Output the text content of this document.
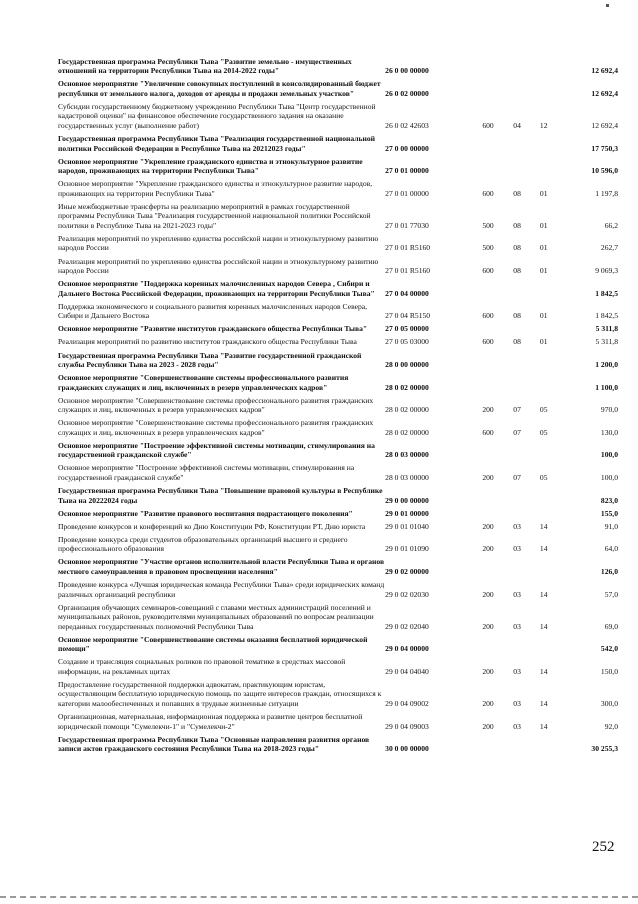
Государственная программа Республики Тыва "Развитие земельно - имущественных отношений на территории Республики Тыва на 2014-2022 годы"	26 0 00 00000				12 692,4
Основное мероприятие "Увеличение совокупных поступлений в консолидированный бюджет республики от земельного налога, доходов от аренды и продажи земельных участков"	26 0 02 00000				12 692,4
Субсидии государственному бюджетному учреждению Республики Тыва "Центр государственной кадастровой оценки" на финансовое обеспечение государственного задания на оказание государственных услуг (выполнение работ)	26 0 02 42603	600	04	12	12 692,4
Государственная программа Республики Тыва "Реализация государственной национальной политики Российской Федерации в Республике Тыва на 20212023 годы"	27 0 00 00000				17 750,3
Основное мероприятие "Укрепление гражданского единства и этнокультурное развитие народов, проживающих на территории Республики Тыва"	27 0 01 00000				10 596,0
Основное мероприятие "Укрепление гражданского единства и этнокультурное развитие народов, проживающих на территории Республики Тыва"	27 0 01 00000	600	08	01	1 197,8
Иные межбюджетные трансферты на реализацию мероприятий в рамках государственной программы Республики Тыва "Реализация государственной национальной политики Российской политики в Республике Тыва на 2021-2023 годы"	27 0 01 77030	500	08	01	66,2
Реализация мероприятий по укреплению единства российской нации и этнокультурному развитию народов России	27 0 01 R5160	500	08	01	262,7
Реализация мероприятий по укреплению единства российской нации и этнокультурному развитию народов России	27 0 01 R5160	600	08	01	9 069,3
Основное мероприятие "Поддержка коренных малочисленных народов Севера , Сибири и Дальнего Востока Российской Федерации, проживающих на территории Республики Тыва"	27 0 04 00000				1 842,5
Поддержка экономического и социального развития коренных малочисленных народов Севера, Сибири и Дальнего Востока	27 0 04 R5150	600	08	01	1 842,5
Основное мероприятие "Развитие институтов гражданского общества Республики Тыва"	27 0 05 00000				5 311,8
Реализация мероприятий по развитию институтов гражданского общества Республики Тыва	27 0 05 03000	600	08	01	5 311,8
Государственная программа Республики Тыва "Развитие государственной гражданской службы Республики Тыва на 2023 - 2028 годы"	28 0 00 00000				1 200,0
Основное мероприятие "Совершенствование системы профессионального развития гражданских служащих и лиц, включенных в резерв управленческих кадров"	28 0 02 00000				1 100,0
Основное мероприятие "Совершенствование системы профессионального развития гражданских служащих и лиц, включенных в резерв управленческих кадров"	28 0 02 00000	200	07	05	970,0
Основное мероприятие "Совершенствование системы профессионального развития гражданских служащих и лиц, включенных в резерв управленческих кадров"	28 0 02 00000	600	07	05	130,0
Основное мероприятие "Построение эффективной системы мотивации, стимулирования на государственной гражданской службе"	28 0 03 00000				100,0
Основное мероприятие "Построение эффективной системы мотивации, стимулирования на государственной гражданской службе"	28 0 03 00000	200	07	05	100,0
Государственная программа Республики Тыва "Повышение правовой культуры в Республике Тыва на 20222024 годы	29 0 00 00000				823,0
Основное мероприятие "Развитие правового воспитания подрастающего поколения"	29 0 01 00000				155,0
Проведение конкурсов и конференций ко Дню Конституции РФ, Конституции РТ, Дню юриста	29 0 01 01040	200	03	14	91,0
Проведение конкурса среди студентов образовательных организаций высшего и среднего профессионального образования	29 0 01 01090	200	03	14	64,0
Основное мероприятие "Участие органов исполнительной власти Республики Тыва и органов местного самоуправления в правовом просвещении населения"	29 0 02 00000				126,0
Проведение конкурса «Лучшая юридическая команда Республики Тыва» среди юридических команд различных организаций республики	29 0 02 02030	200	03	14	57,0
Организация обучающих семинаров-совещаний с главами местных администраций поселений и муниципальных районов, руководителями муниципальных образований по вопросам реализации переданных государственных полномочий Республики Тыва	29 0 02 02040	200	03	14	69,0
Основное мероприятие "Совершенствование системы оказания бесплатной юридической помощи"	29 0 04 00000				542,0
Создание и трансляция социальных роликов по правовой тематике в средствах массовой информации, на рекламных щитах	29 0 04 04040	200	03	14	150,0
Предоставление государственной поддержки адвокатам, практикующим юристам, осуществляющим бесплатную юридическую помощь по защите интересов граждан, относящихся к категории малообеспеченных и попавших в трудные жизненные ситуации	29 0 04 09002	200	03	14	300,0
Организационная, материальная, информационная поддержка и развитие центров бесплатной юридической помощи "Сумелекчи-1" и "Сумелекчи-2"	29 0 04 09003	200	03	14	92,0
Государственная программа Республики Тыва "Основные направления развития органов записи актов гражданского состояния Республики Тыва на 2018-2023 годы"	30 0 00 00000				30 255,3
252
